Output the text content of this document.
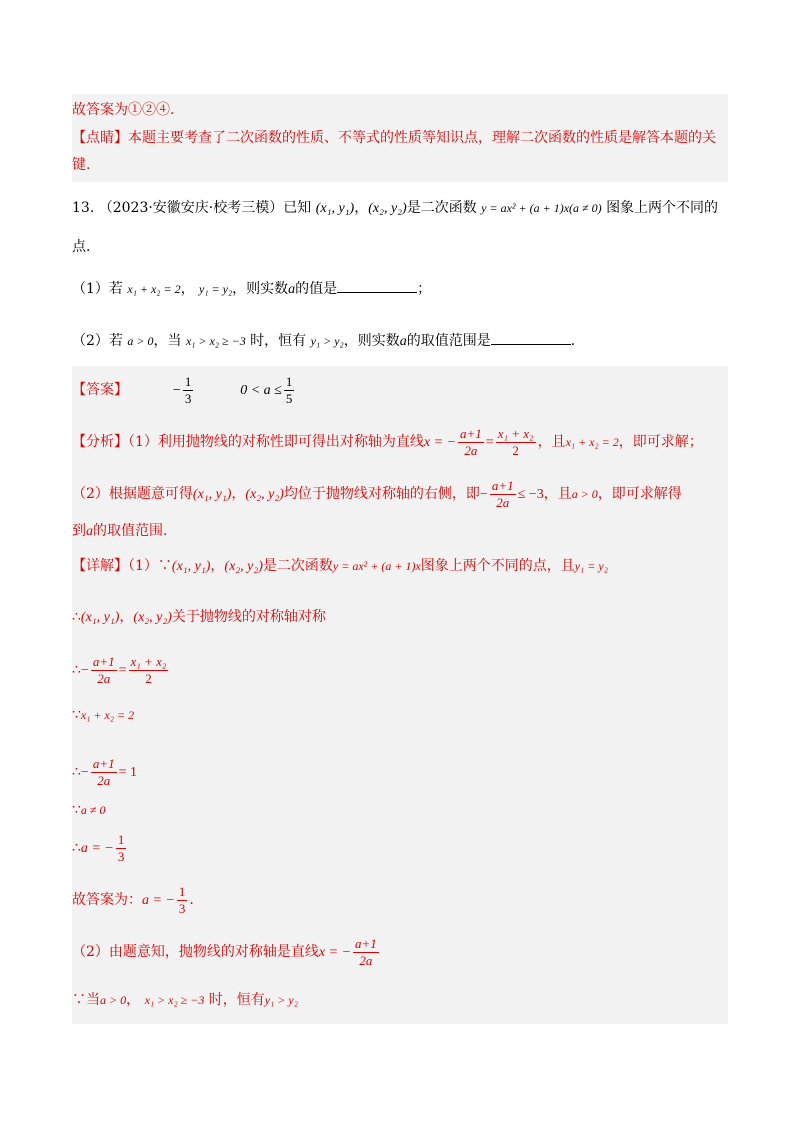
故答案为①②④.
【点睛】本题主要考查了二次函数的性质、不等式的性质等知识点，理解二次函数的性质是解答本题的关
键.
13. （2023·安徽安庆·校考三模）已知 (x₁, y₁)，(x₂, y₂)是二次函数 y = ax² + (a + 1)x(a ≠ 0) 图象上两个不同的
点.
（1）若 x₁ + x₂ = 2， y₁ = y₂，则实数a的值是	；
（2）若 a > 0，当 x₁ > x₂ ≥ −3 时，恒有 y₁ > y₂，则实数a的取值范围是	.
【答案】	− $\frac{1}{3}$	$0 < a \le \frac{1}{5}$
【分析】（1）利用抛物线的对称性即可得出对称轴为直线x = − $\frac{a+1}{2a} = \frac{\text{x₁ + x₂}}{2}$ ，且x₁ + x₂ = 2，即可求解；
（2）根据题意可得(x₁, y₁)，(x₂, y₂)均位于抛物线对称轴的右侧，即− $\frac{a+1}{2a} \le -3$，且a > 0，即可求解得
到a的取值范围.
【详解】（1）∵(x₁, y₁)，(x₂, y₂)是二次函数y = ax² + (a + 1)x图象上两个不同的点，且y₁ = y₂
∴(x₁, y₁)，(x₂, y₂)关于抛物线的对称轴对称
∴− $\frac{a+1}{2a} = \frac{\text{x₁ + x₂}}{2}$
∵x₁ + x₂ = 2
∴− $\frac{a+1}{2a} = 1$
∵a ≠ 0
∴a = − $\frac{1}{3}$
故答案为：a = − $\frac{1}{3}$ .
（2）由题意知，抛物线的对称轴是直线x = − $\frac{a+1}{2a}$
∵当a > 0， x₁ > x₂ ≥ −3 时，恒有y₁ > y₂
